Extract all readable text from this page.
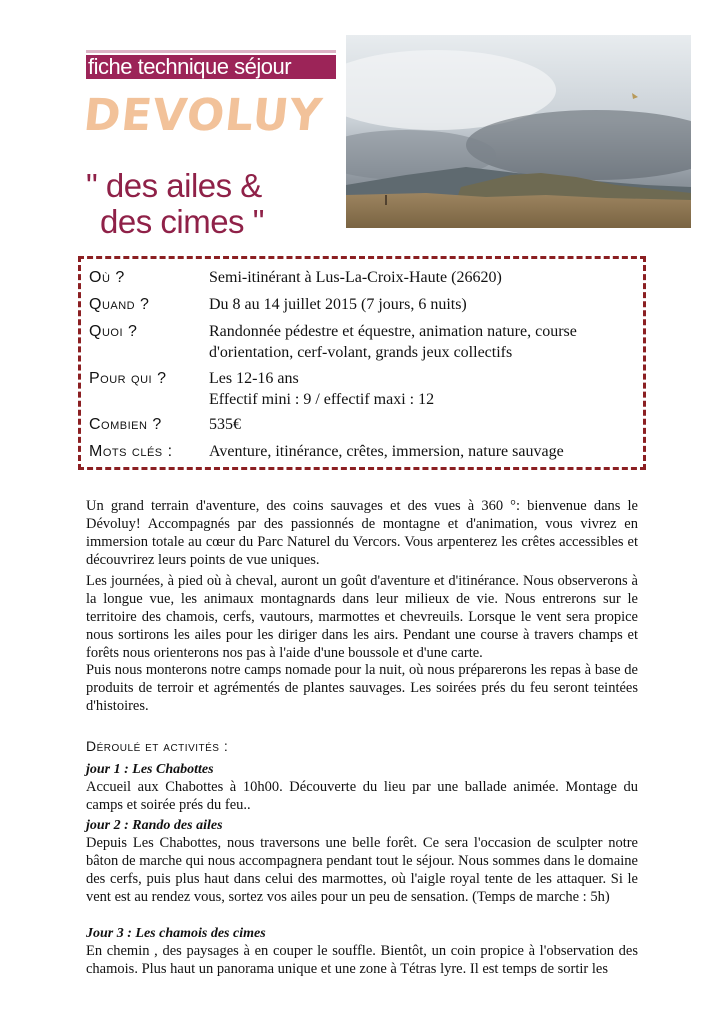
fiche technique séjour
DEVOLUY
" des ailes &
des cimes "
Où ?	Semi-itinérant à Lus-La-Croix-Haute (26620)
Quand ?	Du 8 au 14 juillet 2015 (7 jours, 6 nuits)
Quoi ?	Randonnée pédestre et équestre, animation nature, course
d'orientation, cerf-volant, grands jeux collectifs
Pour qui ?	Les 12-16 ans
Effectif mini : 9 / effectif maxi : 12
Combien ?	535€
Mots clés :	Aventure, itinérance, crêtes, immersion, nature sauvage

Un grand terrain d'aventure, des coins sauvages et des vues à 360 °: bienvenue dans le Dévoluy! Accompagnés par des passionnés de montagne et d'animation, vous vivrez en immersion totale au cœur du Parc Naturel du Vercors. Vous arpenterez les crêtes accessibles et découvrirez leurs points de vue uniques.

Les journées, à pied où à cheval, auront un goût d'aventure et d'itinérance. Nous observerons à la longue vue, les animaux montagnards dans leur milieux de vie. Nous entrerons sur le territoire des chamois, cerfs, vautours, marmottes et chevreuils. Lorsque le vent sera propice nous sortirons les ailes pour les diriger dans les airs. Pendant une course à travers champs et forêts nous orienterons nos pas à l'aide d'une boussole et d'une carte.

Puis nous monterons notre camps nomade pour la nuit, où nous préparerons les repas à base de produits de terroir et agrémentés de plantes sauvages. Les soirées prés du feu seront teintées d'histoires.

Déroulé et activités :
jour 1 : Les Chabottes

Accueil aux Chabottes à 10h00. Découverte du lieu par une ballade animée. Montage du camps et soirée prés du feu..

jour 2 : Rando des ailes

Depuis Les Chabottes, nous traversons une belle forêt. Ce sera l'occasion de sculpter notre bâton de marche qui nous accompagnera pendant tout le séjour. Nous sommes dans le domaine des cerfs, puis plus haut dans celui des marmottes, où l'aigle royal tente de les attaquer. Si le vent est au rendez vous, sortez vos ailes pour un peu de sensation. (Temps de marche : 5h)

Jour 3 : Les chamois des cimes

En chemin , des paysages à en couper le souffle. Bientôt, un coin propice à l'observation des chamois. Plus haut un panorama unique et une zone à Tétras lyre. Il est temps de sortir les
